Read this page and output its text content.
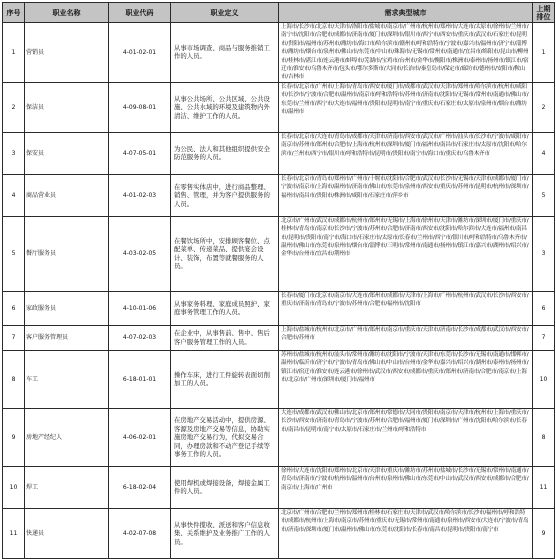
序号	职业名称	职业代码	职业定义	需求典型城市	上期排位
1	营销员	4-01-02-01	从事市场调查、商品与服务推销工作的人员。	上海市/长沙市/北京市/天津市/洛阳市/盐城市/南京市/广州市/杭州市/郑州市/大连市/太原市/徐州市/兰州市/南宁市/沈阳市/合肥市/成都市/济南市/厦门市/深圳市/银川市/西宁市/西安市/重庆市/武汉市/石家庄市/昆明市/贵阳市/福州市/苏州市/潍坊市/海口市/哈尔滨市/赣州市/呼和浩特市/宁波市/嘉兴市/温州市/济宁市/淄博市/潍坊市/烟台市/泉州市/佛山市/东莞市/中山市/珠海市/无锡市/常州市/南通市/宜昌市/绵阳市/昆山市/柳州市/桂林市/湛江市/连云港市/蚌埠市/芜湖市/宝鸡市/台州市/金华市/衡阳市/株洲市/泰州市/扬州市/镇江市/宿迁市/淮安市/乌鲁木齐市/包头市/鄂尔多斯市/大同市/长治市/秦皇岛市/保定市/廊坊市/德州市/安阳市/鞍山市/吉林市	1
2	保洁员	4-09-08-01	从事公共场所、公共区域、公共设施、公共水域的环境及建筑物内外清洁、维护工作的人员。	长春市/北京市/广州市/上海市/青岛市/西安市/厦门市/成都市/武汉市/天津市/郑州市/哈尔滨市/杭州市/咸阳市/长沙市/宁波市/合肥市/温州市/南京市/呼和浩特市/苏州市/济南市/沈阳市/无锡市/常州市/南通市/佛山市/东莞市/兰州市/西宁市/大连市/福州市/贵阳市/昆明市/南宁市/重庆市/石家庄市/太原市/泉州市/烟台市/潍坊市/温州市	2
3	保安员	4-07-05-01	为公民、法人和其他组织提供安全防范服务的人员。	长春市/北京市/大连市/青岛市/成都市/天津市/济南市/西安市/武汉市/广州市/汕头市/长沙市/宁波市/咸阳市/南京市/苏州市/郑州市/合肥市/上海市/杭州市/深圳市/厦门市/福州市/南昌市/石家庄市/太原市/沈阳市/哈尔滨市/兰州市/西宁市/银川市/呼和浩特市/昆明市/贵阳市/南宁市/海口市/重庆市/乌鲁木齐市	4
4	商品营业员	4-01-02-03	在零售实体店中，进行商品整理、销售、管理，并为客户提供服务的人员。	长春市/北京市/青岛市/郑州市/广州市/十堰市/沈阳市/合肥市/武汉市/长沙市/无锡市/天津市/成都市/厦门市/宁波市/南京市/上海市/温州市/济南市/佛山市/东莞市/泉州市/西安市/重庆市/苏州市/昆明市/杭州市/深圳市/福州市/南昌市/贵阳市/株洲市/咸阳市/石家庄市/萍乡市	5
5	餐厅服务员	4-03-02-05	在餐饮场所中，安排顾客餐位、点配菜单、传递菜品、提供宴会设计、装饰，布置等就餐服务的人员。	北京市/广州市/武汉市/成都市/杭州市/郑州市/无锡市/上海市/徐州市/天津市/潍坊市/深圳市/厦门市/重庆市/桂林市/青岛市/南京市/长沙市/宁波市/苏州市/合肥市/济南市/西安市/沈阳市/哈尔滨市/大连市/福州市/南昌市/昆明市/贵阳市/南宁市/海口市/石家庄市/太原市/长春市/兰州市/西宁市/银川市/呼和浩特市/乌鲁木齐市/温州市/佛山市/东莞市/泉州市/烟台市/淄博市/三明市/常州市/南通市/扬州市/镇江市/嘉兴市/湖州市/绍兴市/金华市/台州市/宜昌市/荆州市	3
6	家政服务员	4-10-01-06	从事家务料理、家庭成员照护、家庭事务管理工作的人员。	长春市/厦门市/北京市/南京市/大连市/郑州市/成都市/天津市/上海市/广州市/杭州市/武汉市/长沙市/西安市/重庆市/济南市/青岛市/宁波市/苏州市/合肥市/福州市/沈阳市	6
7	客户服务管理员	4-07-02-03	在企业中，从事售前、售中、售后客户服务管理工作的人员。	上海市/盐城市/杭州市/北京市/广州市/郑州市/南京市/重庆市/天津市/济南市/长沙市/成都市/武汉市/西安市/合肥市/苏州市	7
8	车工	6-18-01-01	操作车床，进行工件旋转表面切削加工的人员。	苏州市/盐城市/杭州市/汕头市/常州市/潍坊市/沈阳市/宁波市/天津市/东莞市/长沙市/无锡市/南通市/邯郸市/温州市/临沂市/济宁市/宁波市/青岛市/佛山市/中山市/台州市/金华市/嘉兴市/绍兴市/湖州市/泰州市/扬州市/镇江市/宿迁市/淮安市/连云港市/徐州市/武汉市/西安市/成都市/重庆市/郑州市/济南市/合肥市/南京市/上海市/北京市/广州市/深圳市/厦门市/福州市	10
9	房地产经纪人	4-06-02-01	在房地产交易活动中，提供房源、客源及房地产交易等信息，协助实施房地产交易行为，代拟交易合同，办理房款和不动产登记手续等事务工作的人员。	大连市/成都市/武汉市/佛山市/北京市/郑州市/常德市/大同市/贵阳市/南京市/天津市/杭州市/上海市/重庆市/长沙市/西安市/济南市/青岛市/宁波市/苏州市/合肥市/福州市/厦门市/深圳市/广州市/沈阳市/哈尔滨市/长春市/南昌市/昆明市/南宁市/太原市/石家庄市/兰州市/呼和浩特市	8
10	焊工	6-18-02-04	使用焊机或焊接设备，焊接金属工件的人员。	徐州市/大连市/沈阳市/郑州市/北京市/天津市/重庆市/潍坊市/苏州市/盐城市/长沙市/无锡市/常州市/南通市/青岛市/济南市/宁波市/杭州市/温州市/台州市/泉州市/佛山市/东莞市/中山市/武汉市/西安市/成都市/合肥市/南京市/上海市/广州市	11
11	快递员	4-02-07-08	从事快件揽收、派送和客户信息收集、关系维护及业务推广工作的人员。	北京市/广州市/合肥市/兰州市/郑州市/桂林市/石家庄市/天津市/武汉市/哈尔滨市/长沙市/福州市/呼和浩特市/成都市/杭州市/上海市/南京市/苏州市/重庆市/无锡市/常州市/南通市/泉州市/西安市/大连市/宁波市/青岛市/济南市/深圳市/厦门市/温州市/佛山市/东莞市/沈阳市/长春市/南昌市/昆明市/贵阳市/南宁市	9
